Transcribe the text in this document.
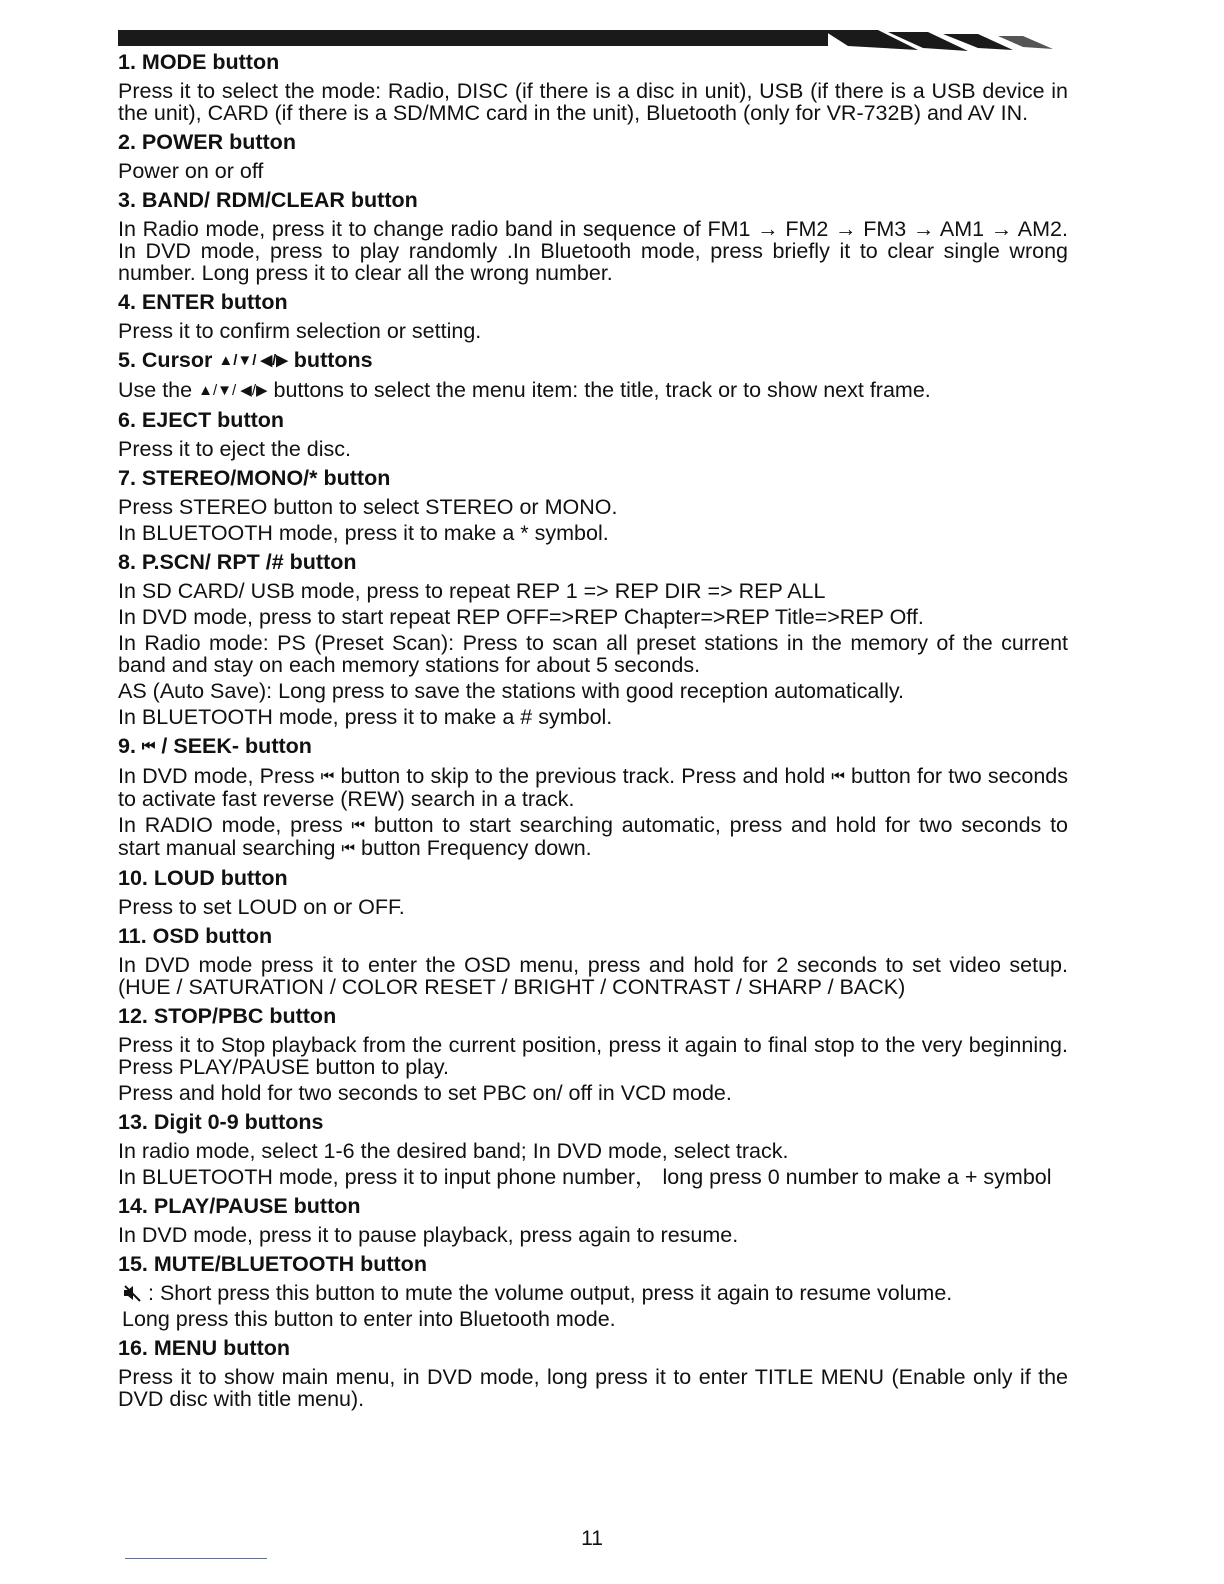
1. MODE button
Press it to select the mode: Radio, DISC (if there is a disc in unit), USB (if there is a USB device in the unit), CARD (if there is a SD/MMC card in the unit), Bluetooth (only for VR-732B) and AV IN.
2. POWER button
Power on or off
3. BAND/ RDM/CLEAR button
In Radio mode, press it to change radio band in sequence of FM1 → FM2 → FM3 → AM1 → AM2. In DVD mode, press to play randomly .In Bluetooth mode, press briefly it to clear single wrong number. Long press it to clear all the wrong number.
4. ENTER button
Press it to confirm selection or setting.
5. Cursor ▲/▼/ ◀/▶ buttons
Use the ▲/▼/ ◀/▶ buttons to select the menu item: the title, track or to show next frame.
6. EJECT button
Press it to eject the disc.
7. STEREO/MONO/* button
Press STEREO button to select STEREO or MONO.
In BLUETOOTH mode, press it to make a * symbol.
8. P.SCN/ RPT /# button
In SD CARD/ USB mode, press to repeat REP 1 => REP DIR => REP ALL
In DVD mode, press to start repeat REP OFF=>REP Chapter=>REP Title=>REP Off.
In Radio mode: PS (Preset Scan): Press to scan all preset stations in the memory of the current band and stay on each memory stations for about 5 seconds.
AS (Auto Save): Long press to save the stations with good reception automatically.
In BLUETOOTH mode, press it to make a # symbol.
9. ⏮ / SEEK- button
In DVD mode, Press ⏮ button to skip to the previous track. Press and hold ⏮ button for two seconds to activate fast reverse (REW) search in a track.
In RADIO mode, press ⏮ button to start searching automatic, press and hold for two seconds to start manual searching ⏮ button Frequency down.
10. LOUD button
Press to set LOUD on or OFF.
11. OSD button
In DVD mode press it to enter the OSD menu, press and hold for 2 seconds to set video setup. (HUE / SATURATION / COLOR RESET / BRIGHT / CONTRAST / SHARP / BACK)
12. STOP/PBC button
Press it to Stop playback from the current position, press it again to final stop to the very beginning. Press PLAY/PAUSE button to play.
Press and hold for two seconds to set PBC on/ off in VCD mode.
13. Digit 0-9 buttons
In radio mode, select 1-6 the desired band; In DVD mode, select track.
In BLUETOOTH mode, press it to input phone number， long press 0 number to make a + symbol
14. PLAY/PAUSE button
In DVD mode, press it to pause playback, press again to resume.
15. MUTE/BLUETOOTH button
: Short press this button to mute the volume output, press it again to resume volume.
Long press this button to enter into Bluetooth mode.
16. MENU button
Press it to show main menu, in DVD mode, long press it to enter TITLE MENU (Enable only if the DVD disc with title menu).
11
